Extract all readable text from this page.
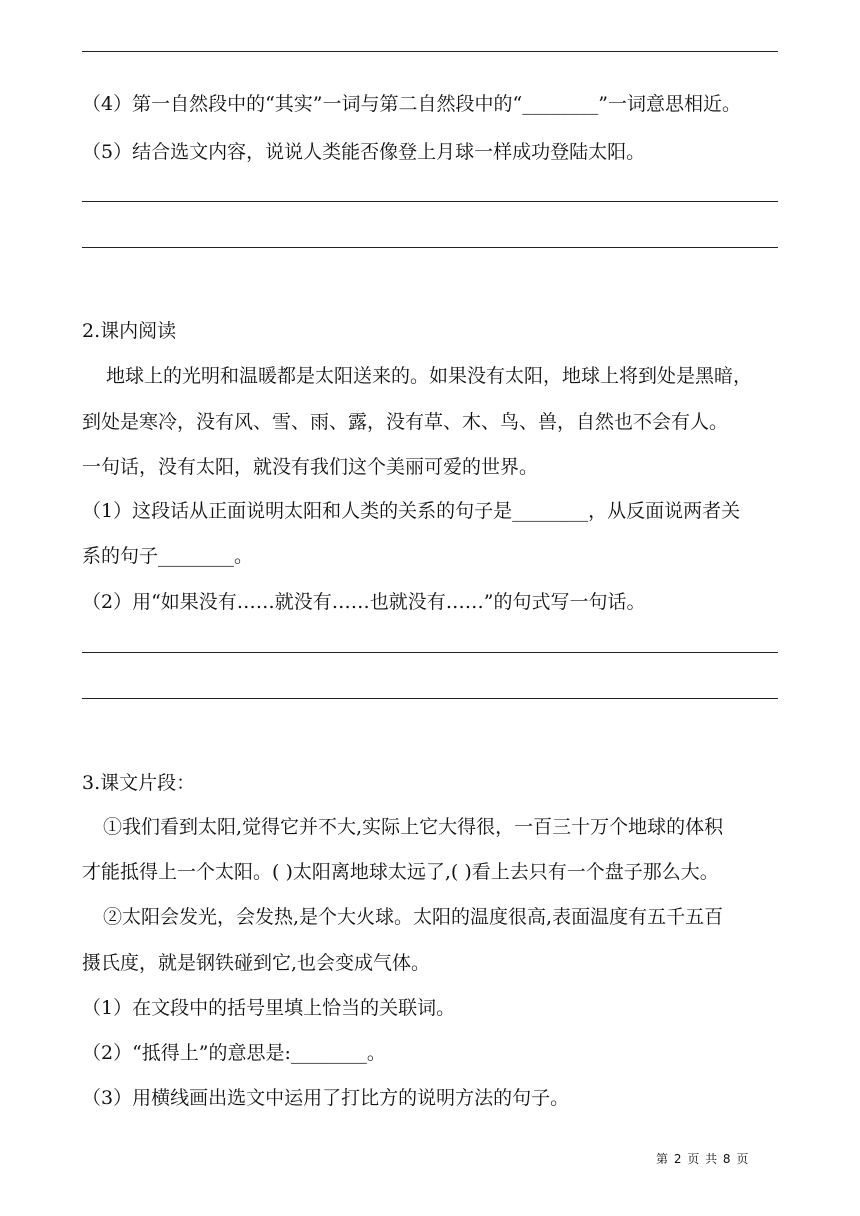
（4）第一自然段中的“其实”一词与第二自然段中的“________”一词意思相近。
（5）结合选文内容，说说人类能否像登上月球一样成功登陆太阳。
2.课内阅读
地球上的光明和温暖都是太阳送来的。如果没有太阳，地球上将到处是黑暗，
到处是寒冷，没有风、雪、雨、露，没有草、木、鸟、兽，自然也不会有人。
一句话，没有太阳，就没有我们这个美丽可爱的世界。
（1）这段话从正面说明太阳和人类的关系的句子是________，从反面说两者关
系的句子________。
（2）用“如果没有……就没有……也就没有……”的句式写一句话。
3.课文片段：
①我们看到太阳,觉得它并不大,实际上它大得很，一百三十万个地球的体积
才能抵得上一个太阳。( )太阳离地球太远了,( )看上去只有一个盘子那么大。
②太阳会发光，会发热,是个大火球。太阳的温度很高,表面温度有五千五百
摄氏度，就是钢铁碰到它,也会变成气体。
（1）在文段中的括号里填上恰当的关联词。
（2）“抵得上”的意思是:________。
（3）用横线画出选文中运用了打比方的说明方法的句子。
第 2 页 共 8 页
